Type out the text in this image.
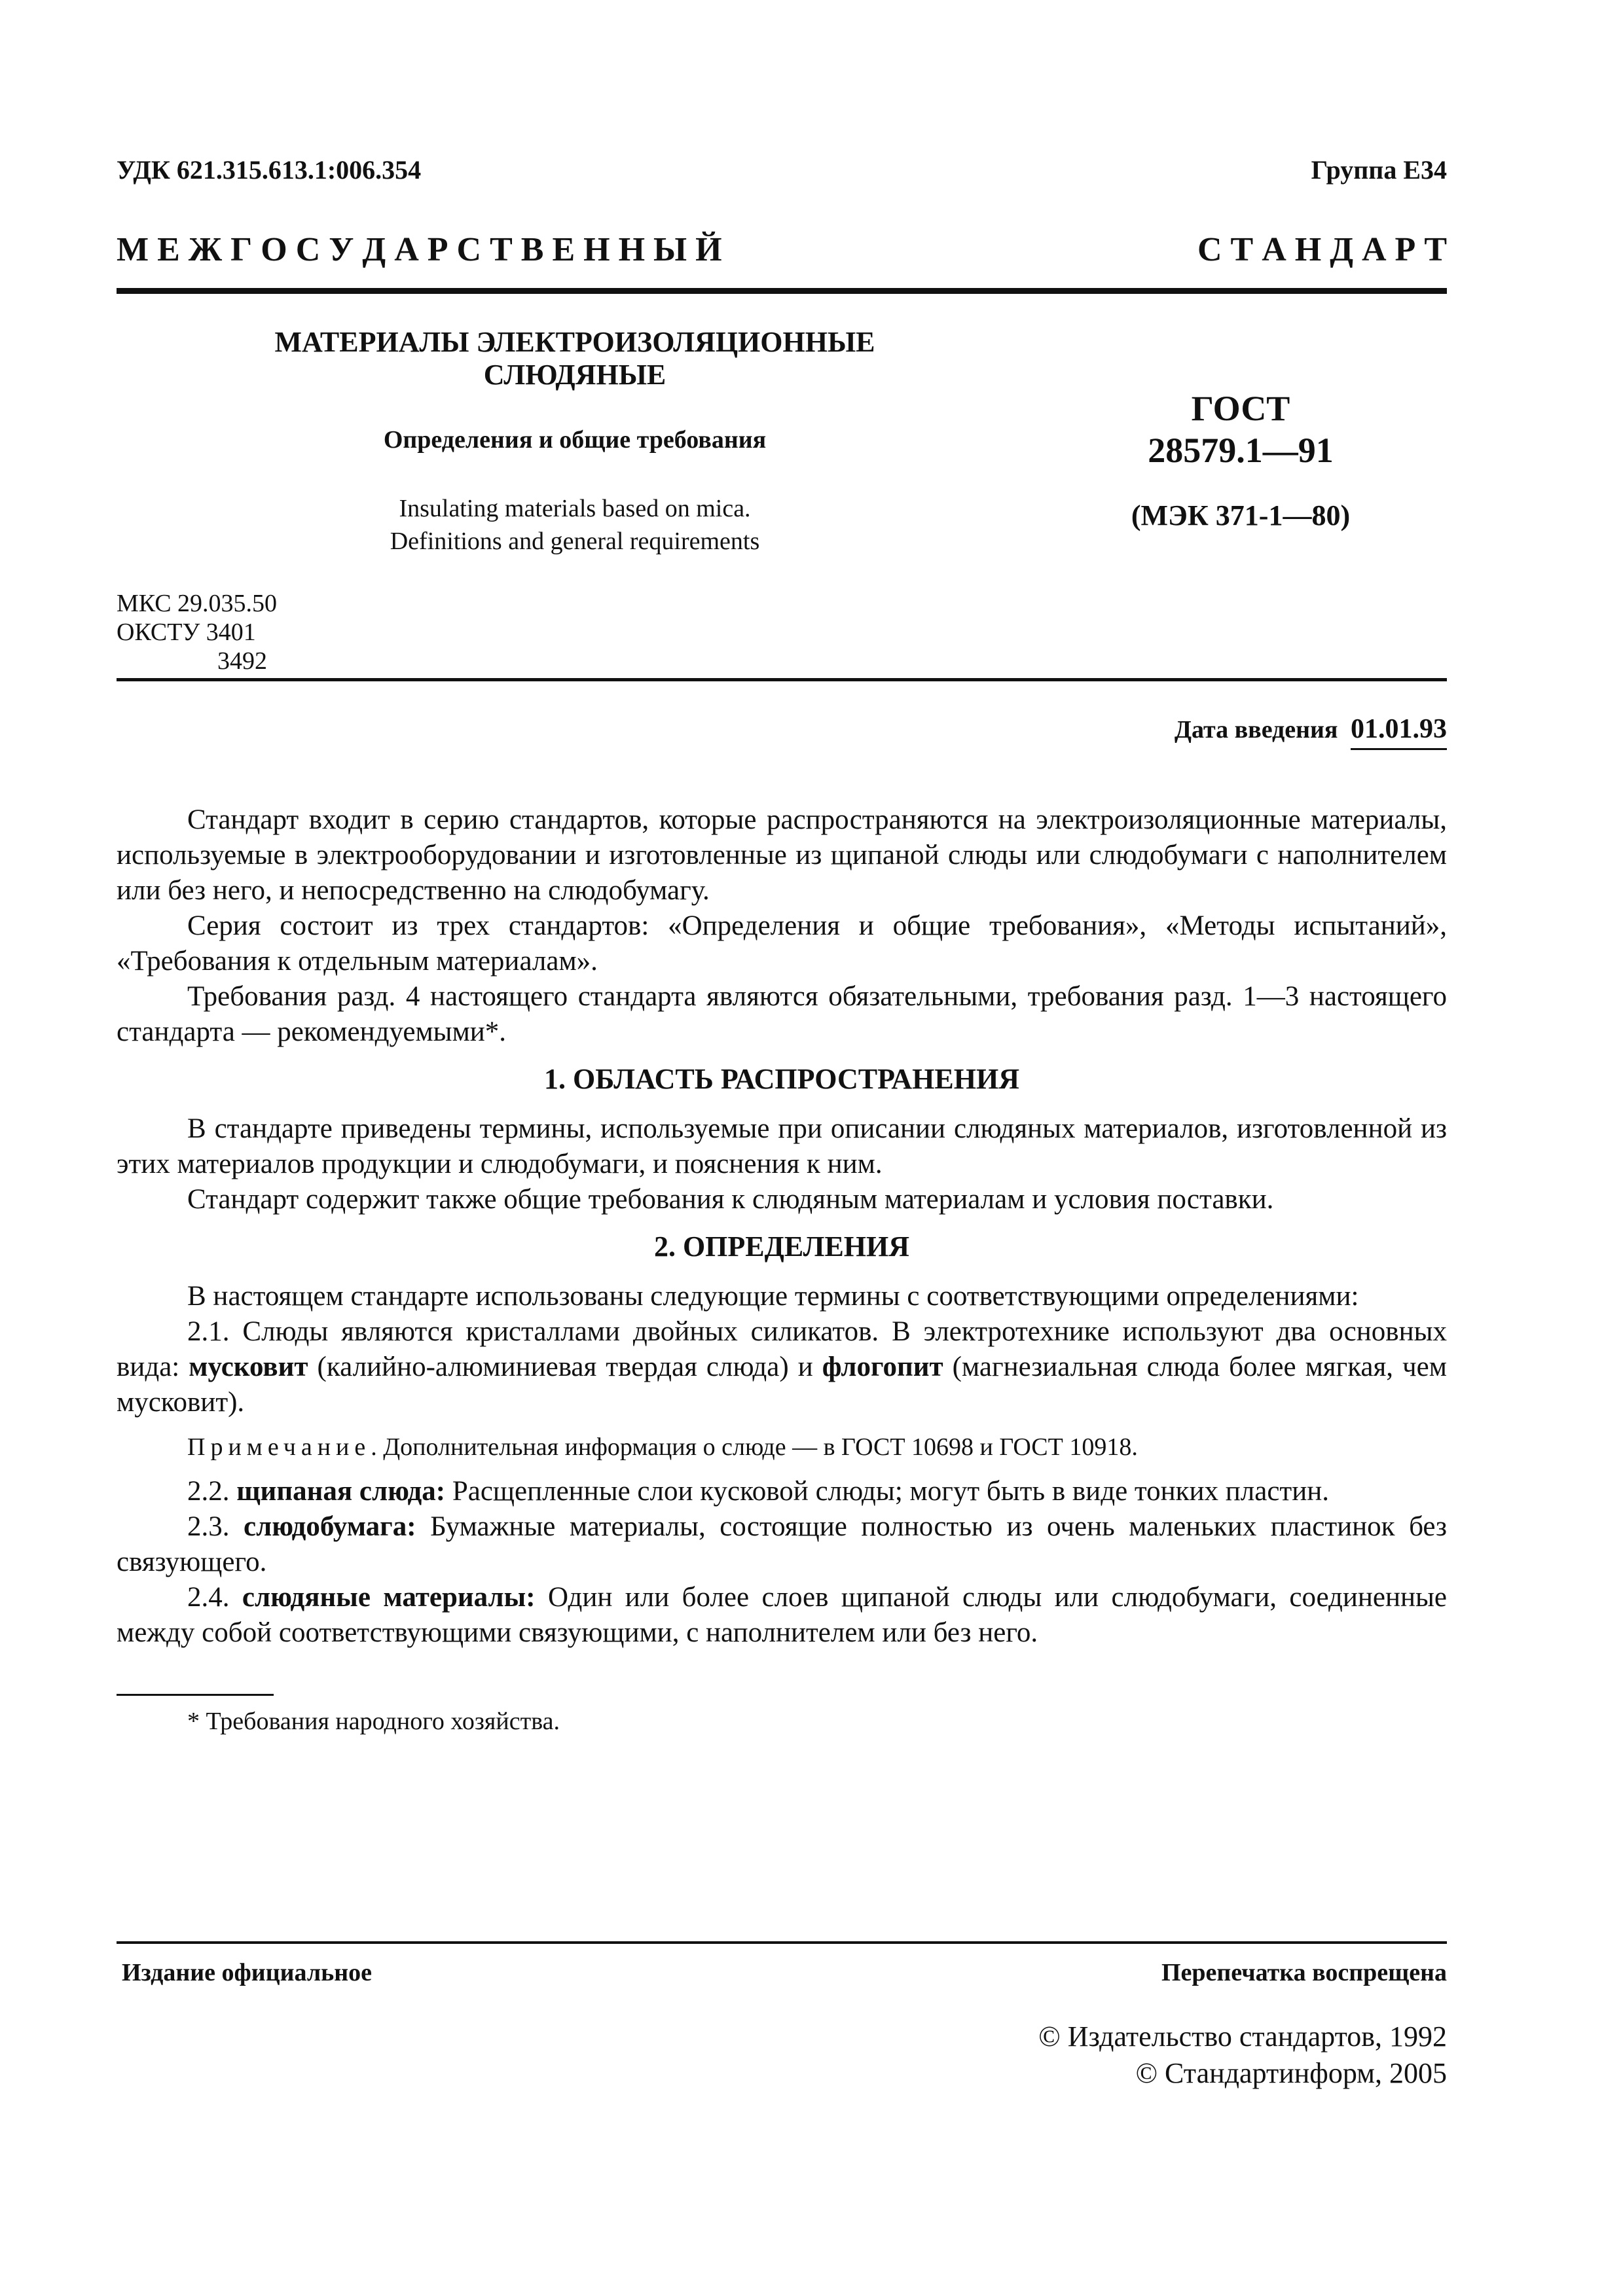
УДК 621.315.613.1:006.354	Группа Е34
М Е Ж Г О С У Д А Р С Т В Е Н Н Ы Й	С Т А Н Д А Р Т
МАТЕРИАЛЫ ЭЛЕКТРОИЗОЛЯЦИОННЫЕ
СЛЮДЯНЫЕ
Определения и общие требования
Insulating materials based on mica.
Definitions and general requirements
ГОСТ
28579.1—91
(МЭК 371-1—80)
МКС 29.035.50
ОКСТУ 3401
3492
Дата введения 01.01.93

Стандарт входит в серию стандартов, которые распространяются на электроизоляционные материалы, используемые в электрооборудовании и изготовленные из щипаной слюды или слюдобумаги с наполнителем или без него, и непосредственно на слюдобумагу.

Серия состоит из трех стандартов: «Определения и общие требования», «Методы испытаний», «Требования к отдельным материалам».

Требования разд. 4 настоящего стандарта являются обязательными, требования разд. 1—3 настоящего стандарта — рекомендуемыми*.

1. ОБЛАСТЬ РАСПРОСТРАНЕНИЯ

В стандарте приведены термины, используемые при описании слюдяных материалов, изготовленной из этих материалов продукции и слюдобумаги, и пояснения к ним.

Стандарт содержит также общие требования к слюдяным материалам и условия поставки.

2. ОПРЕДЕЛЕНИЯ

В настоящем стандарте использованы следующие термины с соответствующими определениями:

2.1. Слюды являются кристаллами двойных силикатов. В электротехнике используют два основных вида: мусковит (калийно-алюминиевая твердая слюда) и флогопит (магнезиальная слюда более мягкая, чем мусковит).

Примечание. Дополнительная информация о слюде — в ГОСТ 10698 и ГОСТ 10918.

2.2. щипаная слюда: Расщепленные слои кусковой слюды; могут быть в виде тонких пластин.

2.3. слюдобумага: Бумажные материалы, состоящие полностью из очень маленьких пластинок без связующего.

2.4. слюдяные материалы: Один или более слоев щипаной слюды или слюдобумаги, соединенные между собой соответствующими связующими, с наполнителем или без него.

* Требования народного хозяйства.
Издание официальное	Перепечатка воспрещена
© Издательство стандартов, 1992
© Стандартинформ, 2005
